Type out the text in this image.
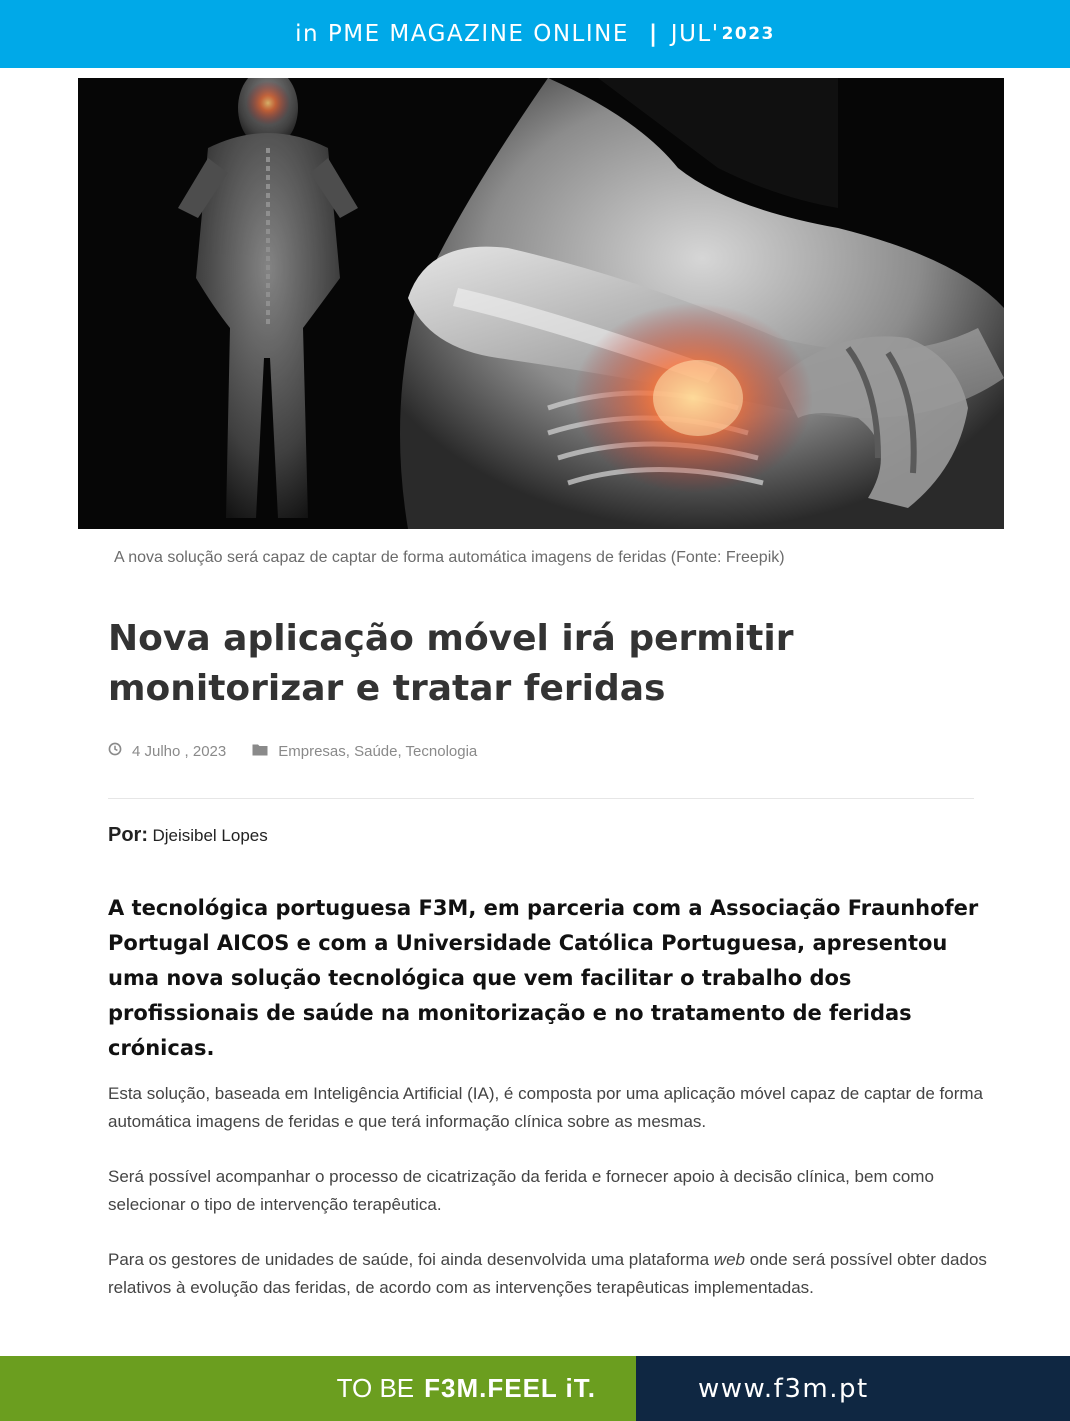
in PME MAGAZINE ONLINE | JUL' 2023
A nova solução será capaz de captar de forma automática imagens de feridas (Fonte: Freepik)
Nova aplicação móvel irá permitir monitorizar e tratar feridas
4 Julho , 2023	Empresas, Saúde, Tecnologia
Por: Djeisibel Lopes

A tecnológica portuguesa F3M, em parceria com a Associação Fraunhofer Portugal AICOS e com a Universidade Católica Portuguesa, apresentou uma nova solução tecnológica que vem facilitar o trabalho dos profissionais de saúde na monitorização e no tratamento de feridas crónicas.

Esta solução, baseada em Inteligência Artificial (IA), é composta por uma aplicação móvel capaz de captar de forma automática imagens de feridas e que terá informação clínica sobre as mesmas.

Será possível acompanhar o processo de cicatrização da ferida e fornecer apoio à decisão clínica, bem como selecionar o tipo de intervenção terapêutica.

Para os gestores de unidades de saúde, foi ainda desenvolvida uma plataforma web onde será possível obter dados relativos à evolução das feridas, de acordo com as intervenções terapêuticas implementadas.

TO BE F3M.FEEL iT.	www.f3m.pt
